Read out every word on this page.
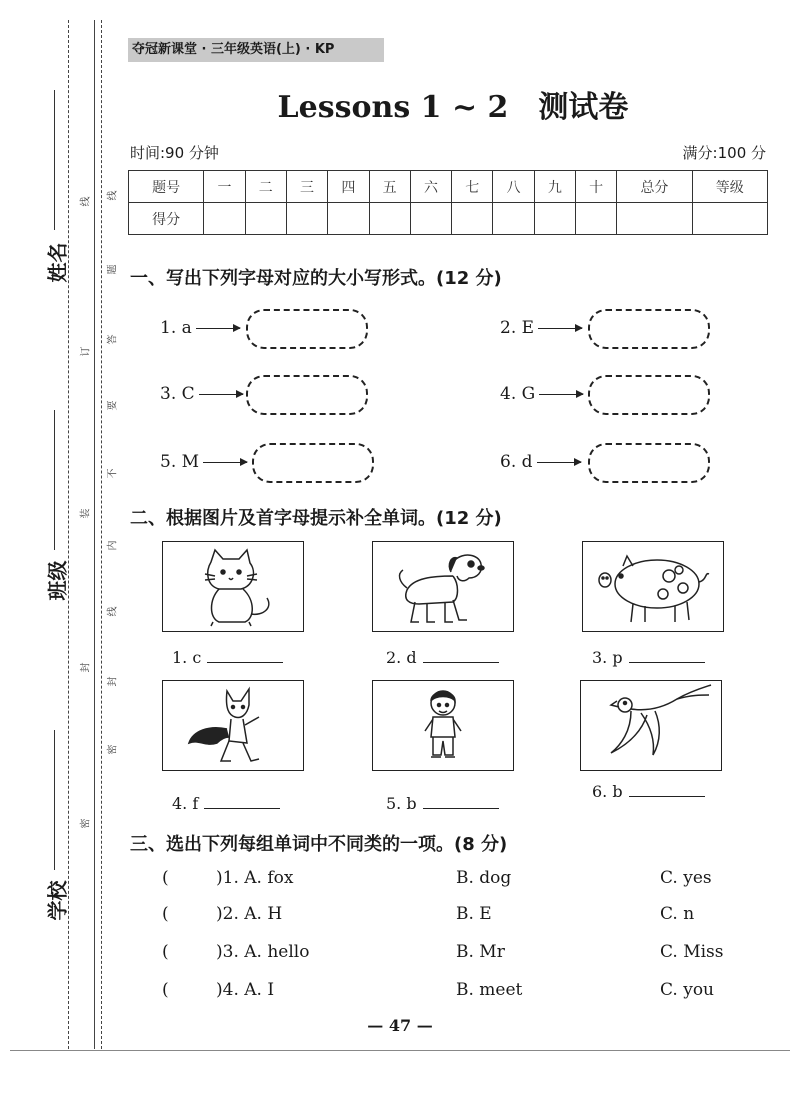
姓名
班级
学校
线
题
答
要
不
内
线
封
密
线
订
装
封
密
夺冠新课堂 · 三年级英语(上) · KP
Lessons 1 ~ 2　测试卷
时间:90 分钟	满分:100 分
题号	一	二	三	四	五	六	七	八	九	十	总分	等级
得分												
一、写出下列字母对应的大小写形式。(12 分)
1. a	2. E
3. C	4. G
5. M	6. d
二、根据图片及首字母提示补全单词。(12 分)
1. c	2. d	3. p
4. f	5. b
6. b
三、选出下列每组单词中不同类的一项。(8 分)
(	)1. A. fox	B. dog	C. yes
(	)2. A. H	B. E	C. n
(	)3. A. hello	B. Mr	C. Miss
(	)4. A. I	B. meet	C. you
— 47 —
